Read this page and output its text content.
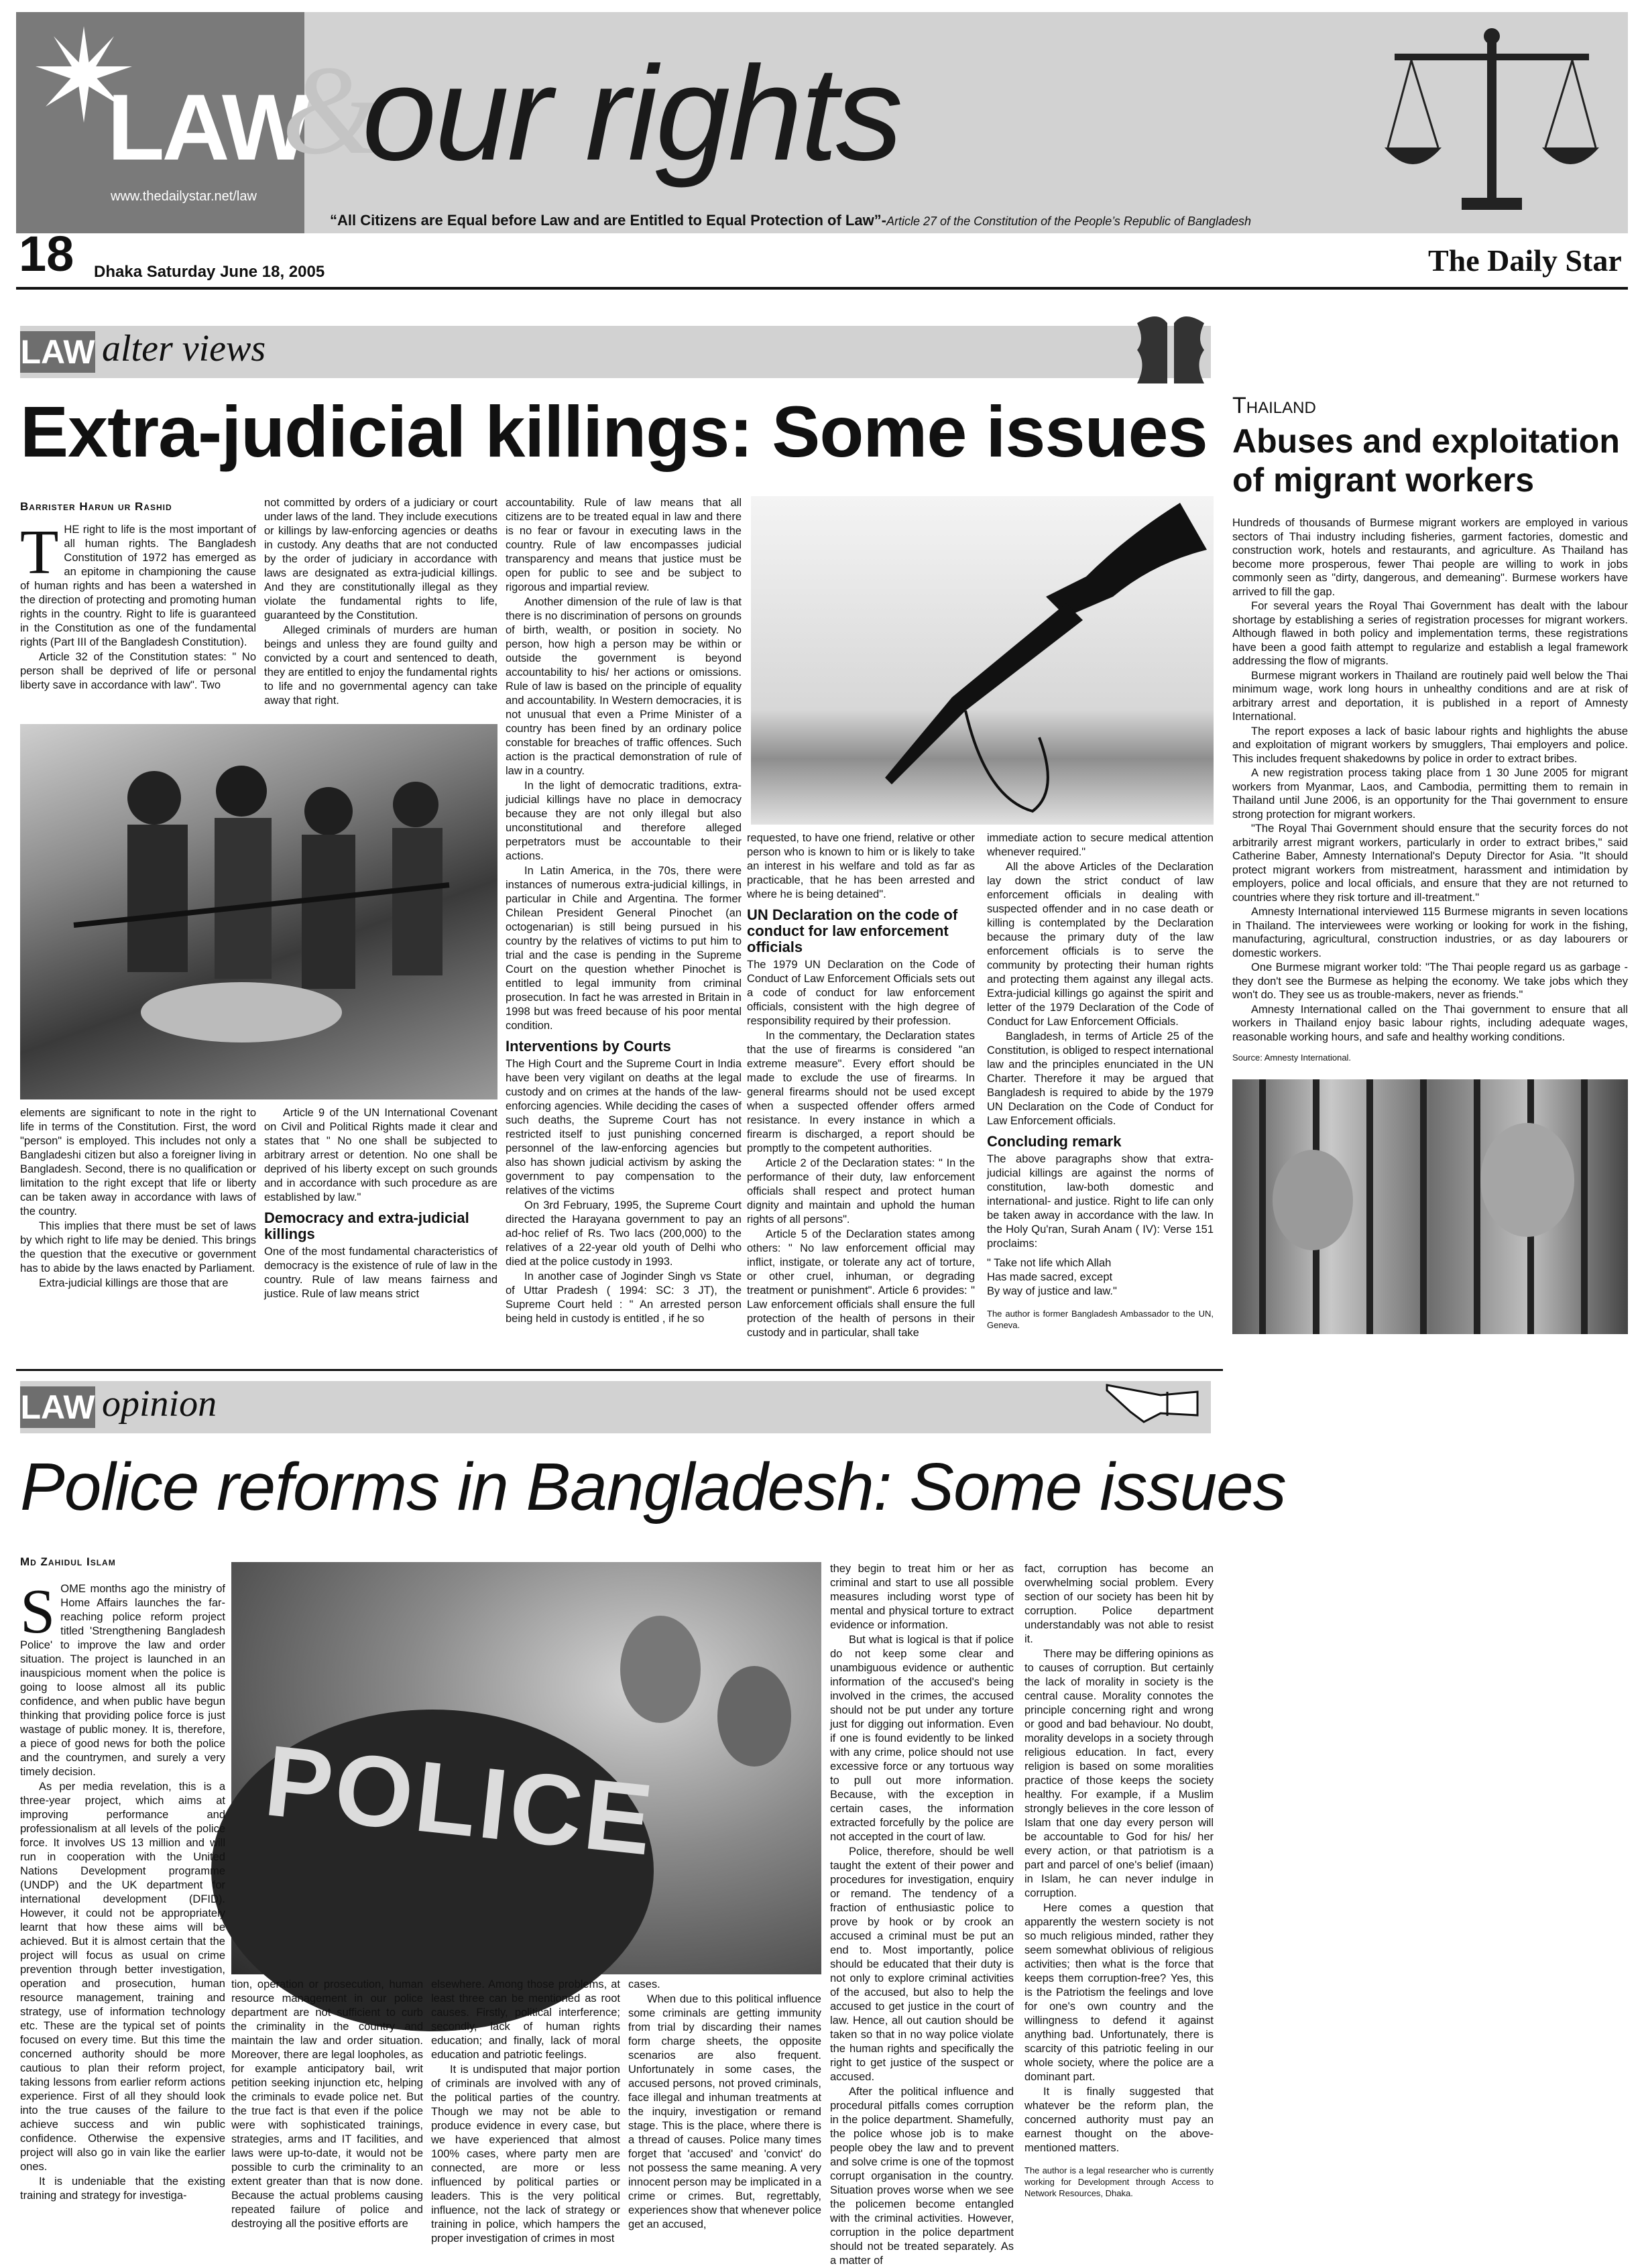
LAW
&
our rights
www.thedailystar.net/law
“All Citizens are Equal before Law and are Entitled to Equal Protection of Law”-Article 27 of the Constitution of the People’s Republic of Bangladesh
18 Dhaka Saturday June 18, 2005	The Daily Star
LAW alter views
Extra-judicial killings: Some issues
Barrister Harun ur Rashid

THE right to life is the most important of all human rights. The Bangladesh Constitution of 1972 has emerged as an epitome in championing the cause of human rights and has been a watershed in the direction of protecting and promoting human rights in the country. Right to life is guaranteed in the Constitution as one of the fundamental rights (Part III of the Bangladesh Constitution).

Article 32 of the Constitution states: " No person shall be deprived of life or personal liberty save in accordance with law". Two

not committed by orders of a judiciary or court under laws of the land. They include executions or killings by law-enforcing agencies or deaths in custody. Any deaths that are not conducted by the order of judiciary in accordance with laws are designated as extra-judicial killings. And they are constitutionally illegal as they violate the fundamental rights to life, guaranteed by the Constitution.

Alleged criminals of murders are human beings and unless they are found guilty and convicted by a court and sentenced to death, they are entitled to enjoy the fundamental rights to life and no governmental agency can take away that right.

accountability. Rule of law means that all citizens are to be treated equal in law and there is no fear or favour in executing laws in the country. Rule of law encompasses judicial transparency and means that justice must be open for public to see and be subject to rigorous and impartial review.

Another dimension of the rule of law is that there is no discrimination of persons on grounds of birth, wealth, or position in society. No person, how high a person may be within or outside the government is beyond accountability to his/ her actions or omissions. Rule of law is based on the principle of equality and accountability. In Western democracies, it is not unusual that even a Prime Minister of a country has been fined by an ordinary police constable for breaches of traffic offences. Such action is the practical demonstration of rule of law in a country.

In the light of democratic traditions, extra-judicial killings have no place in democracy because they are not only illegal but also unconstitutional and therefore alleged perpetrators must be accountable to their actions.

In Latin America, in the 70s, there were instances of numerous extra-judicial killings, in particular in Chile and Argentina. The former Chilean President General Pinochet (an octogenarian) is still being pursued in his country by the relatives of victims to put him to trial and the case is pending in the Supreme Court on the question whether Pinochet is entitled to legal immunity from criminal prosecution. In fact he was arrested in Britain in 1998 but was freed because of his poor mental condition.

Interventions by Courts

The High Court and the Supreme Court in India have been very vigilant on deaths at the legal custody and on crimes at the hands of the law-enforcing agencies. While deciding the cases of such deaths, the Supreme Court has not restricted itself to just punishing concerned personnel of the law-enforcing agencies but also has shown judicial activism by asking the government to pay compensation to the relatives of the victims

On 3rd February, 1995, the Supreme Court directed the Harayana government to pay an ad-hoc relief of Rs. Two lacs (200,000) to the relatives of a 22-year old youth of Delhi who died at the police custody in 1993.

In another case of Joginder Singh vs State of Uttar Pradesh ( 1994: SC: 3 JT), the Supreme Court held : " An arrested person being held in custody is entitled , if he so

elements are significant to note in the right to life in terms of the Constitution. First, the word "person" is employed. This includes not only a Bangladeshi citizen but also a foreigner living in Bangladesh. Second, there is no qualification or limitation to the right except that life or liberty can be taken away in accordance with laws of the country.

This implies that there must be set of laws by which right to life may be denied. This brings the question that the executive or government has to abide by the laws enacted by Parliament.

Extra-judicial killings are those that are

Article 9 of the UN International Covenant on Civil and Political Rights made it clear and states that " No one shall be subjected to arbitrary arrest or detention. No one shall be deprived of his liberty except on such grounds and in accordance with such procedure as are established by law."

Democracy and extra-judicial killings

One of the most fundamental characteristics of democracy is the existence of rule of law in the country. Rule of law means fairness and justice. Rule of law means strict

requested, to have one friend, relative or other person who is known to him or is likely to take an interest in his welfare and told as far as practicable, that he has been arrested and where he is being detained".

UN Declaration on the code of conduct for law enforcement officials

The 1979 UN Declaration on the Code of Conduct of Law Enforcement Officials sets out a code of conduct for law enforcement officials, consistent with the high degree of responsibility required by their profession.

In the commentary, the Declaration states that the use of firearms is considered "an extreme measure". Every effort should be made to exclude the use of firearms. In general firearms should not be used except when a suspected offender offers armed resistance. In every instance in which a firearm is discharged, a report should be promptly to the competent authorities.

Article 2 of the Declaration states: " In the performance of their duty, law enforcement officials shall respect and protect human dignity and maintain and uphold the human rights of all persons".

Article 5 of the Declaration states among others: " No law enforcement official may inflict, instigate, or tolerate any act of torture, or other cruel, inhuman, or degrading treatment or punishment". Article 6 provides: " Law enforcement officials shall ensure the full protection of the health of persons in their custody and in particular, shall take

immediate action to secure medical attention whenever required."

All the above Articles of the Declaration lay down the strict conduct of law enforcement officials in dealing with suspected offender and in no case death or killing is contemplated by the Declaration because the primary duty of the law enforcement officials is to serve the community by protecting their human rights and protecting them against any illegal acts. Extra-judicial killings go against the spirit and letter of the 1979 Declaration of the Code of Conduct for Law Enforcement Officials.

Bangladesh, in terms of Article 25 of the Constitution, is obliged to respect international law and the principles enunciated in the UN Charter. Therefore it may be argued that Bangladesh is required to abide by the 1979 UN Declaration on the Code of Conduct for Law Enforcement officials.

Concluding remark

The above paragraphs show that extra-judicial killings are against the norms of constitution, law-both domestic and international- and justice. Right to life can only be taken away in accordance with the law. In the Holy Qu'ran, Surah Anam ( IV): Verse 151 proclaims:

" Take not life which Allah
Has made sacred, except
By way of justice and law."

The author is former Bangladesh Ambassador to the UN, Geneva.

Thailand
Abuses and exploitation of migrant workers

Hundreds of thousands of Burmese migrant workers are employed in various sectors of Thai industry including fisheries, garment factories, domestic and construction work, hotels and restaurants, and agriculture. As Thailand has become more prosperous, fewer Thai people are willing to work in jobs commonly seen as "dirty, dangerous, and demeaning". Burmese workers have arrived to fill the gap.

For several years the Royal Thai Government has dealt with the labour shortage by establishing a series of registration processes for migrant workers. Although flawed in both policy and implementation terms, these registrations have been a good faith attempt to regularize and establish a legal framework addressing the flow of migrants.

Burmese migrant workers in Thailand are routinely paid well below the Thai minimum wage, work long hours in unhealthy conditions and are at risk of arbitrary arrest and deportation, it is published in a report of Amnesty International.

The report exposes a lack of basic labour rights and highlights the abuse and exploitation of migrant workers by smugglers, Thai employers and police. This includes frequent shakedowns by police in order to extract bribes.

A new registration process taking place from 1 30 June 2005 for migrant workers from Myanmar, Laos, and Cambodia, permitting them to remain in Thailand until June 2006, is an opportunity for the Thai government to ensure strong protection for migrant workers.

"The Royal Thai Government should ensure that the security forces do not arbitrarily arrest migrant workers, particularly in order to extract bribes," said Catherine Baber, Amnesty International's Deputy Director for Asia. "It should protect migrant workers from mistreatment, harassment and intimidation by employers, police and local officials, and ensure that they are not returned to countries where they risk torture and ill-treatment."

Amnesty International interviewed 115 Burmese migrants in seven locations in Thailand. The interviewees were working or looking for work in the fishing, manufacturing, agricultural, construction industries, or as day labourers or domestic workers.

One Burmese migrant worker told: "The Thai people regard us as garbage - they don't see the Burmese as helping the economy. We take jobs which they won't do. They see us as trouble-makers, never as friends."

Amnesty International called on the Thai government to ensure that all workers in Thailand enjoy basic labour rights, including adequate wages, reasonable working hours, and safe and healthy working conditions.

Source: Amnesty International.
LAW opinion
Police reforms in Bangladesh: Some issues
Md Zahidul Islam
POLICE

SOME months ago the ministry of Home Affairs launches the far-reaching police reform project titled 'Strengthening Bangladesh Police' to improve the law and order situation. The project is launched in an inauspicious moment when the police is going to loose almost all its public confidence, and when public have begun thinking that providing police force is just wastage of public money. It is, therefore, a piece of good news for both the police and the countrymen, and surely a very timely decision.

As per media revelation, this is a three-year project, which aims at improving performance and professionalism at all levels of the police force. It involves US 13 million and will run in cooperation with the United Nations Development programme (UNDP) and the UK department for international development (DFID). However, it could not be appropriately learnt that how these aims will be achieved. But it is almost certain that the project will focus as usual on crime prevention through better investigation, operation and prosecution, human resource management, training and strategy, use of information technology etc. These are the typical set of points focused on every time. But this time the concerned authority should be more cautious to plan their reform project, taking lessons from earlier reform actions experience. First of all they should look into the true causes of the failure to achieve success and win public confidence. Otherwise the expensive project will also go in vain like the earlier ones.

It is undeniable that the existing training and strategy for investiga-

tion, operation or prosecution, human resource management in our police department are not sufficient to curb the criminality in the country and maintain the law and order situation. Moreover, there are legal loopholes, as for example anticipatory bail, writ petition seeking injunction etc, helping the criminals to evade police net. But the true fact is that even if the police were with sophisticated trainings, strategies, arms and IT facilities, and laws were up-to-date, it would not be possible to curb the criminality to an extent greater than that is now done. Because the actual problems causing repeated failure of police and destroying all the positive efforts are

elsewhere. Among those problems, at least three can be mentioned as root causes. Firstly, political interference; secondly, lack of human rights education; and finally, lack of moral education and patriotic feelings.

It is undisputed that major portion of criminals are involved with any of the political parties of the country. Though we may not be able to produce evidence in every case, but we have experienced that almost 100% cases, where party men are connected, are more or less influenced by political parties or leaders. This is the very political influence, not the lack of strategy or training in police, which hampers the proper investigation of crimes in most

cases.

When due to this political influence some criminals are getting immunity from trial by discarding their names form charge sheets, the opposite scenarios are also frequent. Unfortunately in some cases, the accused persons, not proved criminals, face illegal and inhuman treatments at the inquiry, investigation or remand stage. This is the place, where there is a thread of causes. Police many times forget that 'accused' and 'convict' do not possess the same meaning. A very innocent person may be implicated in a crime or crimes. But, regrettably, experiences show that whenever police get an accused,

they begin to treat him or her as criminal and start to use all possible measures including worst type of mental and physical torture to extract evidence or information.

But what is logical is that if police do not keep some clear and unambiguous evidence or authentic information of the accused's being involved in the crimes, the accused should not be put under any torture just for digging out information. Even if one is found evidently to be linked with any crime, police should not use excessive force or any tortuous way to pull out more information. Because, with the exception in certain cases, the information extracted forcefully by the police are not accepted in the court of law.

Police, therefore, should be well taught the extent of their power and procedures for investigation, enquiry or remand. The tendency of a fraction of enthusiastic police to prove by hook or by crook an accused a criminal must be put an end to. Most importantly, police should be educated that their duty is not only to explore criminal activities of the accused, but also to help the accused to get justice in the court of law. Hence, all out caution should be taken so that in no way police violate the human rights and specifically the right to get justice of the suspect or accused.

After the political influence and procedural pitfalls comes corruption in the police department. Shamefully, the police whose job is to make people obey the law and to prevent and solve crime is one of the topmost corrupt organisation in the country. Situation proves worse when we see the policemen become entangled with the criminal activities. However, corruption in the police department should not be treated separately. As a matter of

fact, corruption has become an overwhelming social problem. Every section of our society has been hit by corruption. Police department understandably was not able to resist it.

There may be differing opinions as to causes of corruption. But certainly the lack of morality in society is the central cause. Morality connotes the principle concerning right and wrong or good and bad behaviour. No doubt, morality develops in a society through religious education. In fact, every religion is based on some moralities practice of those keeps the society healthy. For example, if a Muslim strongly believes in the core lesson of Islam that one day every person will be accountable to God for his/ her every action, or that patriotism is a part and parcel of one's belief (imaan) in Islam, he can never indulge in corruption.

Here comes a question that apparently the western society is not so much religious minded, rather they seem somewhat oblivious of religious activities; then what is the force that keeps them corruption-free? Yes, this is the Patriotism the feelings and love for one's own country and the willingness to defend it against anything bad. Unfortunately, there is scarcity of this patriotic feeling in our whole society, where the police are a dominant part.

It is finally suggested that whatever be the reform plan, the concerned authority must pay an earnest thought on the above-mentioned matters.

The author is a legal researcher who is currently working for Development through Access to Network Resources, Dhaka.
